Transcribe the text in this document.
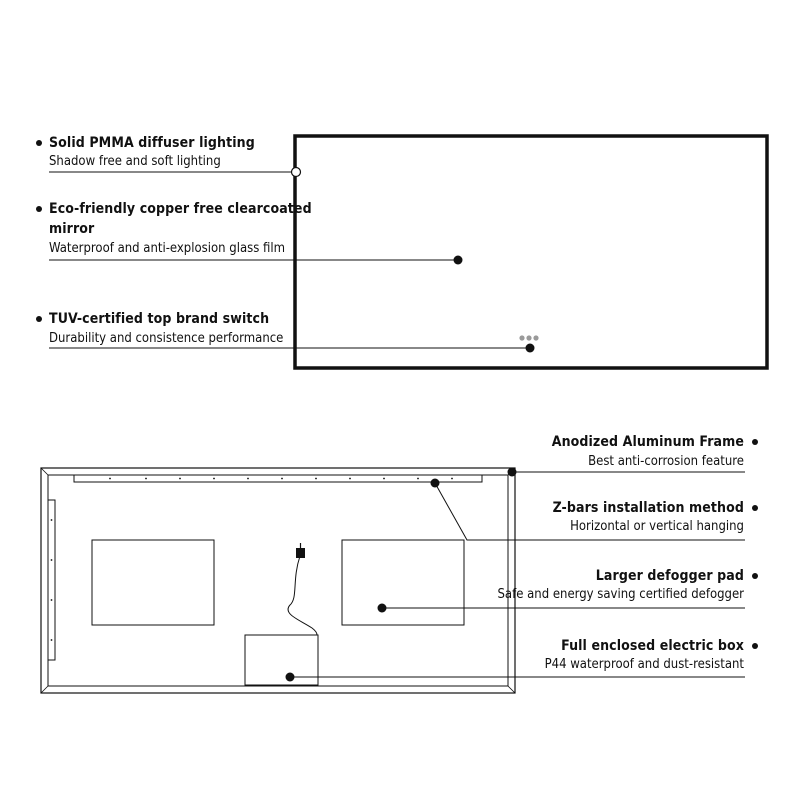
Solid PMMA diffuser lighting
Shadow free and soft lighting
Eco-friendly copper free clearcoated
mirror
Waterproof and anti-explosion glass film
TUV-certified top brand switch
Durability and consistence performance
Anodized Aluminum Frame
Best anti-corrosion feature
Z-bars installation method
Horizontal or vertical hanging
Larger defogger pad
Safe and energy saving certified defogger
Full enclosed electric box
P44 waterproof and dust-resistant
